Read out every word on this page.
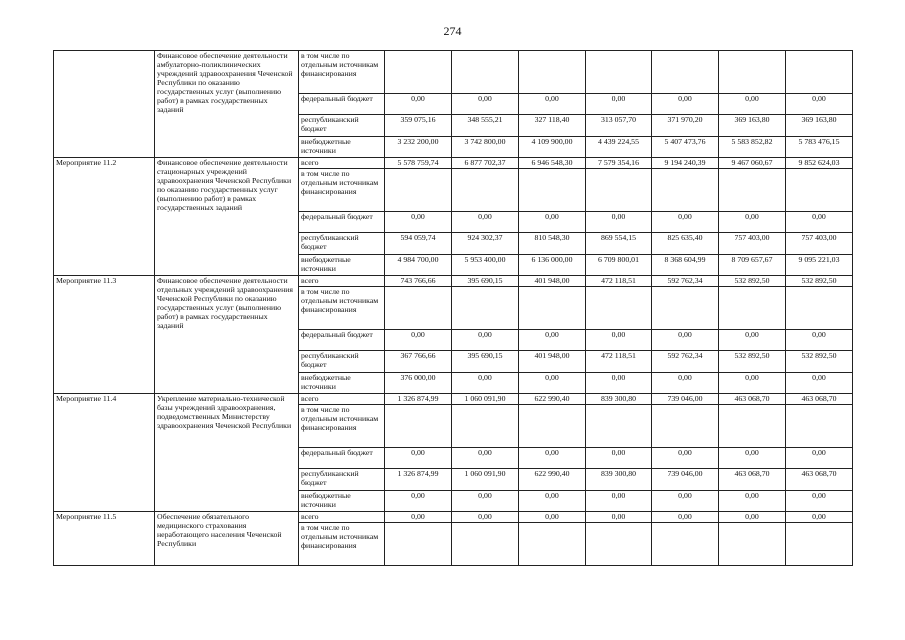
274
	Финансовое обеспечение деятельности амбулаторно-поликлинических учреждений здравоохранения Чеченской Республики по оказанию государственных услуг (выполнению работ) в рамках государственных заданий	в том числе по отдельным источникам финансирования							
		федеральный бюджет	0,00	0,00	0,00	0,00	0,00	0,00	0,00
		республиканский бюджет	359 075,16	348 555,21	327 118,40	313 057,70	371 970,20	369 163,80	369 163,80
		внебюджетные источники	3 232 200,00	3 742 800,00	4 109 900,00	4 439 224,55	5 407 473,76	5 583 852,82	5 783 476,15
Мероприятие 11.2	Финансовое обеспечение деятельности стационарных учреждений здравоохранения Чеченской Республики по оказанию государственных услуг (выполнению работ) в рамках государственных заданий	всего	5 578 759,74	6 877 702,37	6 946 548,30	7 579 354,16	9 194 240,39	9 467 060,67	9 852 624,03
		в том числе по отдельным источникам финансирования							
		федеральный бюджет	0,00	0,00	0,00	0,00	0,00	0,00	0,00
		республиканский бюджет	594 059,74	924 302,37	810 548,30	869 554,15	825 635,40	757 403,00	757 403,00
		внебюджетные источники	4 984 700,00	5 953 400,00	6 136 000,00	6 709 800,01	8 368 604,99	8 709 657,67	9 095 221,03
Мероприятие 11.3	Финансовое обеспечение деятельности отдельных учреждений здравоохранения Чеченской Республики по оказанию государственных услуг (выполнению работ) в рамках государственных заданий	всего	743 766,66	395 690,15	401 948,00	472 118,51	592 762,34	532 892,50	532 892,50
		в том числе по отдельным источникам финансирования							
		федеральный бюджет	0,00	0,00	0,00	0,00	0,00	0,00	0,00
		республиканский бюджет	367 766,66	395 690,15	401 948,00	472 118,51	592 762,34	532 892,50	532 892,50
		внебюджетные источники	376 000,00	0,00	0,00	0,00	0,00	0,00	0,00
Мероприятие 11.4	Укрепление материально-технической базы учреждений здравоохранения, подведомственных Министерству здравоохранения Чеченской Республики	всего	1 326 874,99	1 060 091,90	622 990,40	839 300,80	739 046,00	463 068,70	463 068,70
		в том числе по отдельным источникам финансирования							
		федеральный бюджет	0,00	0,00	0,00	0,00	0,00	0,00	0,00
		республиканский бюджет	1 326 874,99	1 060 091,90	622 990,40	839 300,80	739 046,00	463 068,70	463 068,70
		внебюджетные источники	0,00	0,00	0,00	0,00	0,00	0,00	0,00
Мероприятие 11.5	Обеспечение обязательного медицинского страхования неработающего населения Чеченской Республики	всего	0,00	0,00	0,00	0,00	0,00	0,00	0,00
		в том числе по отдельным источникам финансирования							
